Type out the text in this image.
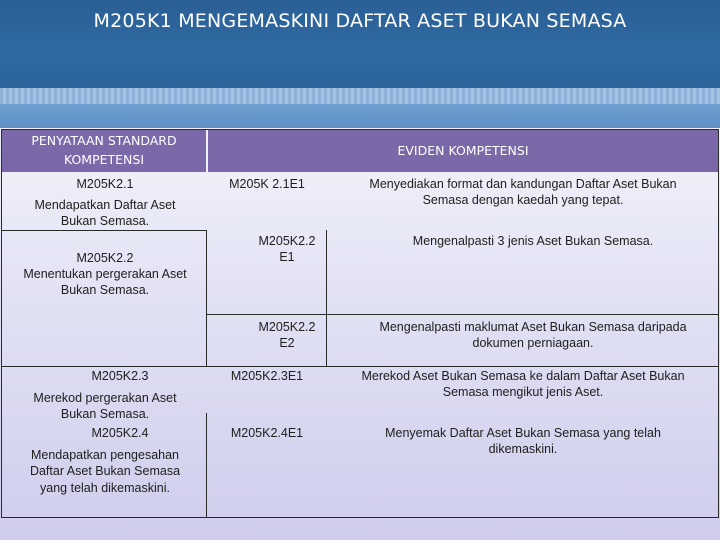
M205K1 MENGEMASKINI DAFTAR ASET BUKAN SEMASA
PENYATAAN STANDARD
KOMPETENSI
EVIDEN KOMPETENSI
M205K2.1
Mendapatkan Daftar Aset
Bukan Semasa.
M205K2.2
Menentukan pergerakan Aset
Bukan Semasa.
M205K2.3
Merekod pergerakan Aset
Bukan Semasa.
M205K2.4
Mendapatkan pengesahan
Daftar Aset Bukan Semasa
yang telah dikemaskini.
M205K 2.1E1
M205K2.2
E1
M205K2.2
E2
M205K2.3E1
M205K2.4E1
Menyediakan format dan kandungan Daftar Aset Bukan
Semasa dengan kaedah yang tepat.
Mengenalpasti 3 jenis Aset Bukan Semasa.
Mengenalpasti maklumat Aset Bukan Semasa daripada
dokumen perniagaan.
Merekod Aset Bukan Semasa ke dalam Daftar Aset Bukan
Semasa mengikut jenis Aset.
Menyemak Daftar Aset Bukan Semasa yang telah
dikemaskini.
